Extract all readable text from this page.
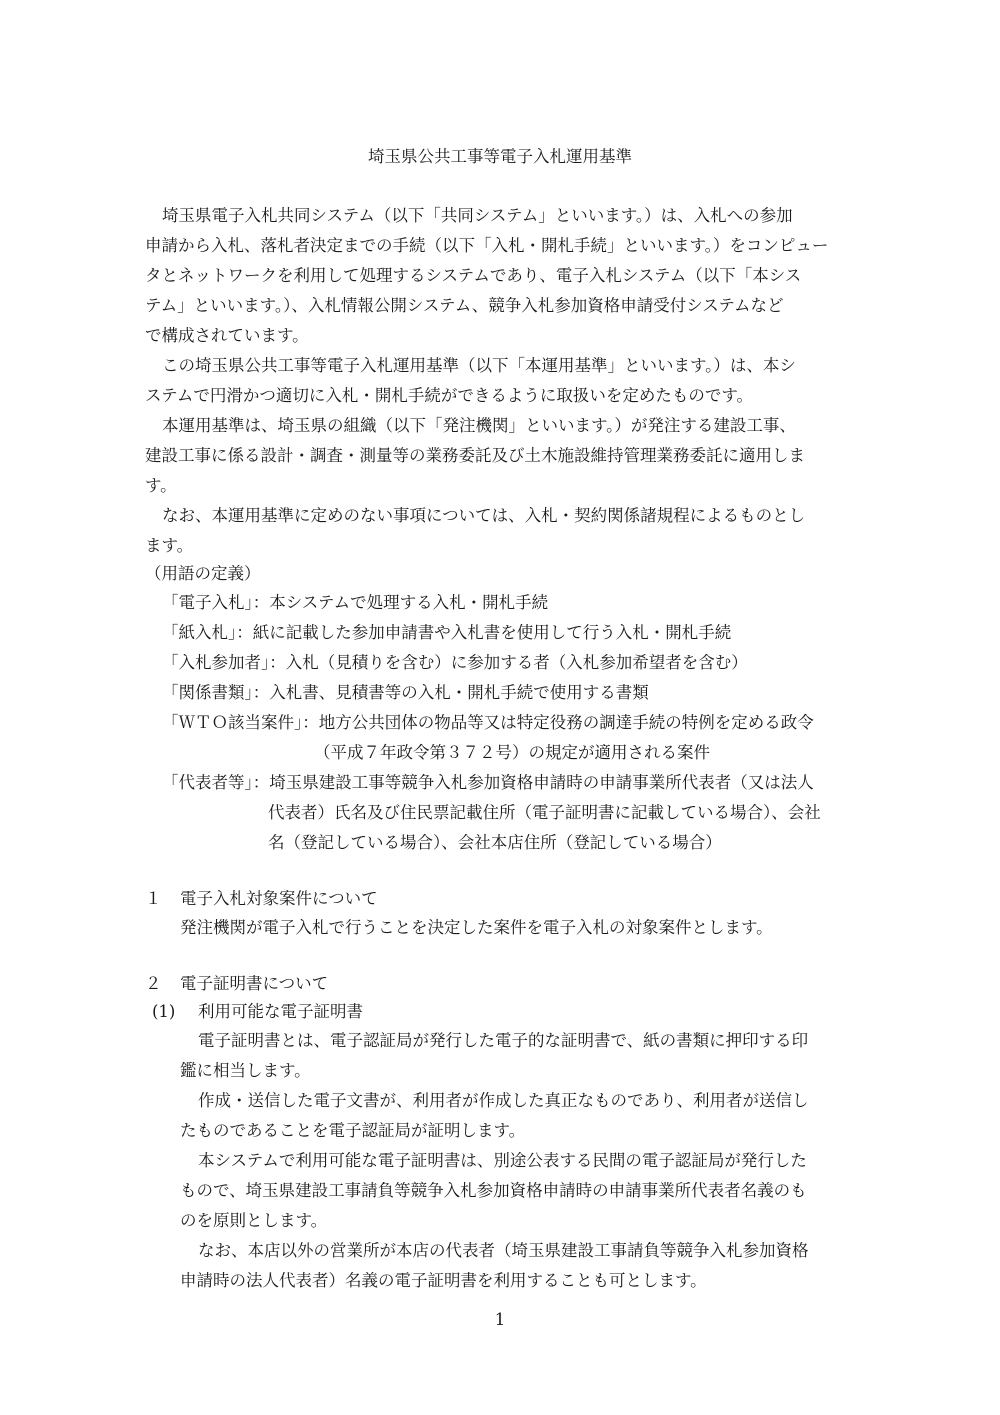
埼玉県公共工事等電子入札運用基準
埼玉県電子入札共同システム（以下「共同システム」といいます。）は、入札への参加
申請から入札、落札者決定までの手続（以下「入札・開札手続」といいます。）をコンピュー
タとネットワークを利用して処理するシステムであり、電子入札システム（以下「本シス
テム」といいます。）、入札情報公開システム、競争入札参加資格申請受付システムなど
で構成されています。
この埼玉県公共工事等電子入札運用基準（以下「本運用基準」といいます。）は、本シ
ステムで円滑かつ適切に入札・開札手続ができるように取扱いを定めたものです。
本運用基準は、埼玉県の組織（以下「発注機関」といいます。）が発注する建設工事、
建設工事に係る設計・調査・測量等の業務委託及び土木施設維持管理業務委託に適用しま
す。
なお、本運用基準に定めのない事項については、入札・契約関係諸規程によるものとし
ます。
（用語の定義）
「電子入札」：本システムで処理する入札・開札手続
「紙入札」：紙に記載した参加申請書や入札書を使用して行う入札・開札手続
「入札参加者」：入札（見積りを含む）に参加する者（入札参加希望者を含む）
「関係書類」：入札書、見積書等の入札・開札手続で使用する書類
「ＷＴＯ該当案件」：地方公共団体の物品等又は特定役務の調達手続の特例を定める政令
（平成７年政令第３７２号）の規定が適用される案件
「代表者等」：埼玉県建設工事等競争入札参加資格申請時の申請事業所代表者（又は法人
代表者）氏名及び住民票記載住所（電子証明書に記載している場合）、会社
名（登記している場合）、会社本店住所（登記している場合）
１ 電子入札対象案件について
発注機関が電子入札で行うことを決定した案件を電子入札の対象案件とします。
２ 電子証明書について
(1) 利用可能な電子証明書
電子証明書とは、電子認証局が発行した電子的な証明書で、紙の書類に押印する印
鑑に相当します。
作成・送信した電子文書が、利用者が作成した真正なものであり、利用者が送信し
たものであることを電子認証局が証明します。
本システムで利用可能な電子証明書は、別途公表する民間の電子認証局が発行した
もので、埼玉県建設工事請負等競争入札参加資格申請時の申請事業所代表者名義のも
のを原則とします。
なお、本店以外の営業所が本店の代表者（埼玉県建設工事請負等競争入札参加資格
申請時の法人代表者）名義の電子証明書を利用することも可とします。
1
